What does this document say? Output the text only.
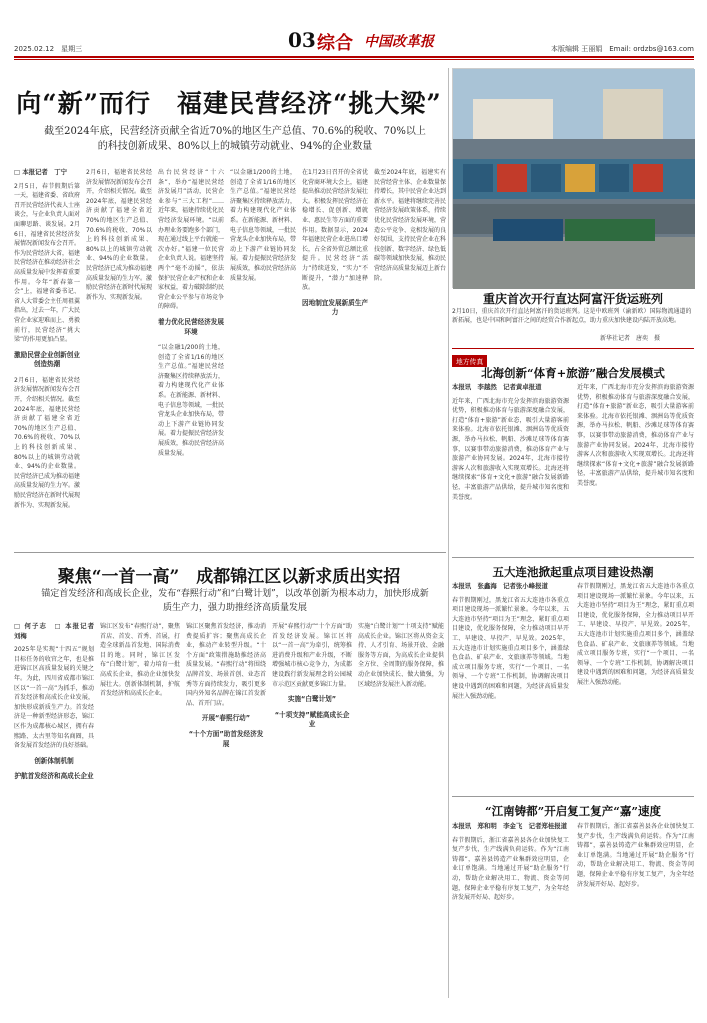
2025.02.12　星期三	03 综合 中国改革报	本版编辑 王丽娟　Email: ordzbs@163.com
向“新”而行　福建民营经济“挑大梁”
截至2024年底，民营经济贡献全省近70%的地区生产总值、70.6%的税收、70%以上的科技创新成果、80%以上的城镇劳动就业、94%的企业数量
□ 本报记者　丁宁

2月5日，春节假期后第一天，福建省委、省政府召开民营经济代表人士座谈会，与企业负责人面对面聊思路、谈发展。2月6日，福建省民营经济发展情况新闻发布会召开。作为民营经济大省，福建民营经济在推动经济社会高质量发展中发挥着重要作用。今年“新春第一会”上，福建省委书记、省人大常委会主任周祖翼指出，过去一年，广大民营企业家迎难而上、勇毅前行，民营经济“挑大梁”的作用更加凸显。

激励民营企业创新创业创造热潮

2月6日，福建省民营经济发展情况新闻发布会召开，介绍相关情况。截至2024年底，福建民营经济贡献了福建全省近70%的地区生产总值、70.6%的税收、70%以上的科技创新成果、80%以上的城镇劳动就业、94%的企业数量。民营经济已成为推动福建高质量发展的生力军。激励民营经济在新时代展现新作为、实现新发展。

2月6日，福建省民营经济发展情况新闻发布会召开，介绍相关情况。截至2024年底，福建民营经济贡献了福建全省近70%的地区生产总值、70.6%的税收、70%以上的科技创新成果、80%以上的城镇劳动就业、94%的企业数量。民营经济已成为推动福建高质量发展的生力军。激励民营经济在新时代展现新作为、实现新发展。

出台民营经济“十六条”，举办“福建民营经济发展月”活动，民营企业参与“三大工程”……近年来，福建持续优化民营经济发展环境。“以前办理业务要跑多个部门，现在通过线上平台就能一次办好。”福建一位民营企业负责人说。福建坚持两个“毫不动摇”，依法保护民营企业产权和企业家权益，着力破除制约民营企业公平参与市场竞争的障碍。

着力优化民营经济发展环境

“以金融1/200的土地，创造了全省1/16的地区生产总值。”福建民营经济聚集区持续释放活力，着力构建现代化产业体系。在新能源、新材料、电子信息等领域，一批民营龙头企业加快布局，带动上下游产业链协同发展。着力提振民营经济发展质效，推动民营经济高质量发展。

“以金融1/200的土地，创造了全省1/16的地区生产总值。”福建民营经济聚集区持续释放活力，着力构建现代化产业体系。在新能源、新材料、电子信息等领域，一批民营龙头企业加快布局，带动上下游产业链协同发展。着力提振民营经济发展质效，推动民营经济高质量发展。

在1月23日召开的全省优化营商环境大会上，福建提出推动民营经济发展壮大。积极发挥民营经济在稳增长、促创新、增就业、惠民生等方面的重要作用。数据显示，2024年福建民营企业进出口增长，占全省外贸总额比重提升。民营经济“活力”持续迸发，“实力”不断提升，“潜力”加速释放。

因地制宜发展新质生产力

截至2024年底，福建实有民营经营主体、企业数量保持增长，其中民营企业达到新水平。福建将继续完善民营经济发展政策体系，持续优化民营经济发展环境，营造公平竞争、竞相发展的良好氛围，支持民营企业在科技创新、数字经济、绿色低碳等领域加快发展，推动民营经济高质量发展迈上新台阶。

重庆首次开行直达阿富汗货运班列
2月10日，重庆首次开行直达阿富汗的货运班列。这是中欧班列（渝新欧）国际物流通道的新拓展，也是中国和阿富汗之间的经贸合作新起点，助力重庆加快建设内陆开放高地。
新华社记者　唐奕　摄
地方传真
北海创新“体育+旅游”融合发展模式
本报讯　李越然　记者黄卓报道

近年来，广西北海市充分发挥滨海旅游资源优势，积极推动体育与旅游深度融合发展，打造“体育+旅游”新业态，吸引大量游客前来体验。北海市依托银滩、涠洲岛等优质资源，举办马拉松、帆船、沙滩足球等体育赛事，以赛事带动旅游消费，推动体育产业与旅游产业协同发展。2024年，北海市接待游客人次和旅游收入实现双增长。北海还将继续探索“体育+文化+旅游”融合发展新路径，丰富旅游产品供给，提升城市知名度和美誉度。

近年来，广西北海市充分发挥滨海旅游资源优势，积极推动体育与旅游深度融合发展，打造“体育+旅游”新业态，吸引大量游客前来体验。北海市依托银滩、涠洲岛等优质资源，举办马拉松、帆船、沙滩足球等体育赛事，以赛事带动旅游消费，推动体育产业与旅游产业协同发展。2024年，北海市接待游客人次和旅游收入实现双增长。北海还将继续探索“体育+文化+旅游”融合发展新路径，丰富旅游产品供给，提升城市知名度和美誉度。

五大连池掀起重点项目建设热潮
本报讯　张鑫海　记者张小峰报道

春节假期刚过，黑龙江省五大连池市各重点项目建设现场一派繁忙景象。今年以来，五大连池市坚持“项目为王”理念，紧盯重点项目建设，优化服务保障，全力推动项目早开工、早建设、早投产、早见效。2025年，五大连池市计划实施重点项目多个，涵盖绿色食品、矿泉产业、文旅康养等领域。当地成立项目服务专班，实行“一个项目、一名领导、一个专班”工作机制，协调解决项目建设中遇到的困难和问题，为经济高质量发展注入强劲动能。

春节假期刚过，黑龙江省五大连池市各重点项目建设现场一派繁忙景象。今年以来，五大连池市坚持“项目为王”理念，紧盯重点项目建设，优化服务保障，全力推动项目早开工、早建设、早投产、早见效。2025年，五大连池市计划实施重点项目多个，涵盖绿色食品、矿泉产业、文旅康养等领域。当地成立项目服务专班，实行“一个项目、一名领导、一个专班”工作机制，协调解决项目建设中遇到的困难和问题，为经济高质量发展注入强劲动能。

“江南铸都”开启复工复产“嘉”速度
本报讯　郑和明　李金飞　记者郑桂报道

春节假期后，浙江省嘉善县各企业加快复工复产步伐，生产线满负荷运转。作为“江南铸都”，嘉善县铸造产业集群效应明显，企业订单饱满。当地通过开展“助企服务”行动，帮助企业解决用工、物流、资金等问题，保障企业平稳有序复工复产，为全年经济发展开好局、起好步。

春节假期后，浙江省嘉善县各企业加快复工复产步伐，生产线满负荷运转。作为“江南铸都”，嘉善县铸造产业集群效应明显，企业订单饱满。当地通过开展“助企服务”行动，帮助企业解决用工、物流、资金等问题，保障企业平稳有序复工复产，为全年经济发展开好局、起好步。

聚焦“一首一高”　成都锦江区以新求质出实招
锚定首发经济和高成长企业，发布“春熙行动”和“白鹭计划”，以改革创新为根本动力，加快形成新质生产力，强力助推经济高质量发展
□ 何子志　□ 本报记者　刘梅

2025年是实现“十四五”规划目标任务的收官之年，也是推进锦江区高质量发展的关键之年。为此，四川省成都市锦江区以“一首一高”为抓手，推动首发经济和高成长企业发展，加快形成新质生产力。首发经济是一种新型经济形态，锦江区作为成都核心城区，拥有春熙路、太古里等知名商圈，具备发展首发经济的良好基础。

创新体制机制
护航首发经济和高成长企业

锦江区发布“春熙行动”，聚焦首店、首发、首秀、首展，打造全球新品首发地、国际消费目的地。同时，锦江区发布“白鹭计划”，着力培育一批高成长企业，推动企业加快发展壮大。创新体制机制，护航首发经济和高成长企业。

锦江区聚焦首发经济，推动消费提质扩容；聚焦高成长企业，推动产业转型升级。“十个方面”政策措施助推经济高质量发展。“春熙行动”将围绕品牌首发、场景首创、业态首秀等方面持续发力，吸引更多国内外知名品牌在锦江首发新品、首开门店。

开展“春熙行动”
“十个方面”助首发经济发展

开展“春熙行动”“十个方面”助首发经济发展。锦江区将以“一首一高”为牵引，统筹推进消费升级和产业升级，不断增强城市核心竞争力，为成都建设践行新发展理念的公园城市示范区贡献更多锦江力量。

实施“白鹭计划”
“十项支持”赋能高成长企业

实施“白鹭计划”“十项支持”赋能高成长企业。锦江区将从资金支持、人才引育、场景开放、金融服务等方面，为高成长企业提供全方位、全周期的服务保障，推动企业加快成长、做大做强，为区域经济发展注入新动能。
